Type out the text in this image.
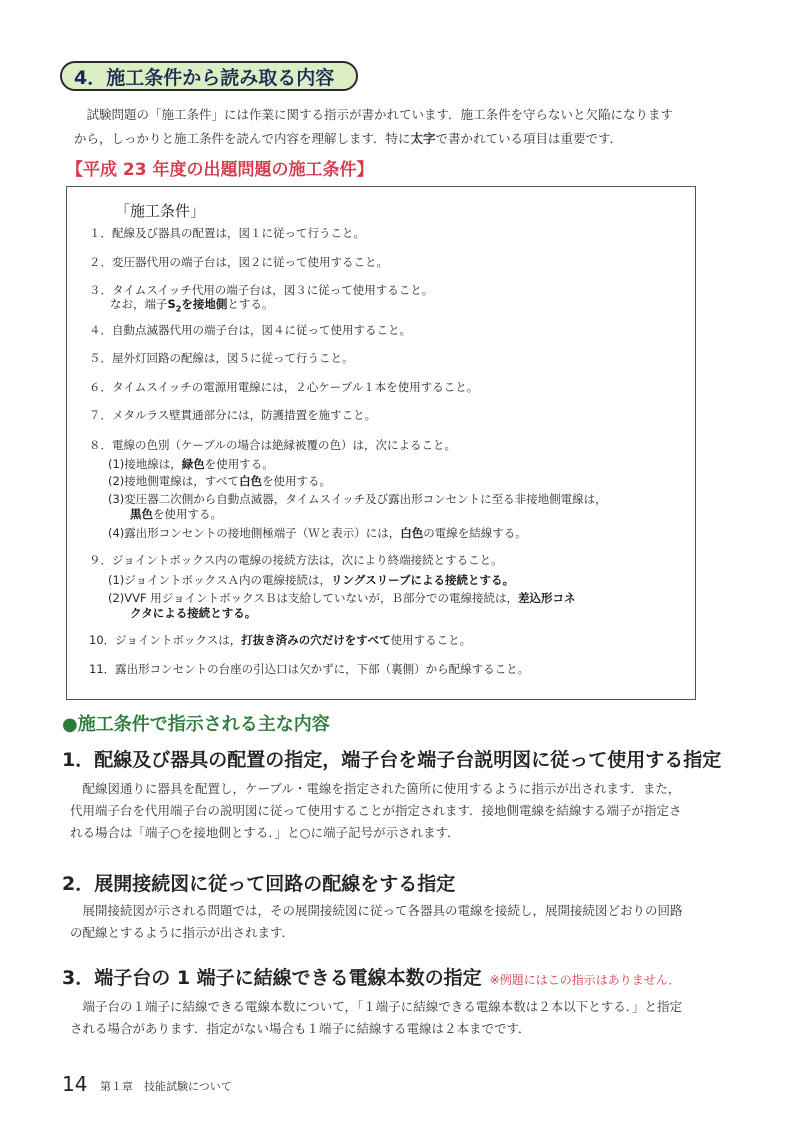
4．施工条件から読み取る内容

試験問題の「施工条件」には作業に関する指示が書かれています．施工条件を守らないと欠陥になります

から，しっかりと施工条件を読んで内容を理解します．特に太字で書かれている項目は重要です．

【平成 23 年度の出題問題の施工条件】
「施工条件」
１．配線及び器具の配置は，図１に従って行うこと。
２．変圧器代用の端子台は，図２に従って使用すること。
３．タイムスイッチ代用の端子台は，図３に従って使用すること。
なお，端子$S_2$を接地側とする。
４．自動点滅器代用の端子台は，図４に従って使用すること。
５．屋外灯回路の配線は，図５に従って行うこと。
６．タイムスイッチの電源用電線には，２心ケーブル１本を使用すること。
７．メタルラス壁貫通部分には，防護措置を施すこと。
８．電線の色別（ケーブルの場合は絶縁被覆の色）は，次によること。
(1)接地線は，緑色を使用する。
(2)接地側電線は，すべて白色を使用する。
(3)変圧器二次側から自動点滅器，タイムスイッチ及び露出形コンセントに至る非接地側電線は，
黒色を使用する。
(4)露出形コンセントの接地側極端子（Ｗと表示）には，白色の電線を結線する。
９．ジョイントボックス内の電線の接続方法は，次により終端接続とすること。
(1)ジョイントボックスＡ内の電線接続は，リングスリーブによる接続とする。
(2)VVF 用ジョイントボックスＢは支給していないが，Ｂ部分での電線接続は，差込形コネ
クタによる接続とする。
10．ジョイントボックスは，打抜き済みの穴だけをすべて使用すること。
11．露出形コンセントの台座の引込口は欠かずに，下部（裏側）から配線すること。
●施工条件で指示される主な内容
1．配線及び器具の配置の指定，端子台を端子台説明図に従って使用する指定

配線図通りに器具を配置し，ケーブル・電線を指定された箇所に使用するように指示が出されます．また，

代用端子台を代用端子台の説明図に従って使用することが指定されます．接地側電線を結線する端子が指定さ

れる場合は「端子○を接地側とする．」と○に端子記号が示されます．

2．展開接続図に従って回路の配線をする指定

展開接続図が示される問題では，その展開接続図に従って各器具の電線を接続し，展開接続図どおりの回路

の配線とするように指示が出されます．

3．端子台の 1 端子に結線できる電線本数の指定 ※例題にはこの指示はありません．

端子台の１端子に結線できる電線本数について，「１端子に結線できる電線本数は２本以下とする．」と指定

される場合があります．指定がない場合も１端子に結線する電線は２本までです．

14 第１章　技能試験について
